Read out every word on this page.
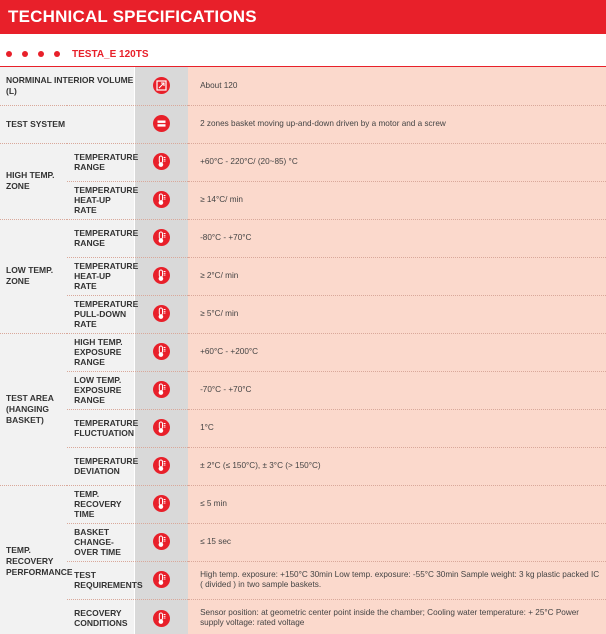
TECHNICAL SPECIFICATIONS
TESTA_E 120TS
NORMINAL INTERIOR VOLUME (L)			About 120
TEST SYSTEM			2 zones basket moving up-and-down driven by a motor and a screw
HIGH TEMP. ZONE	TEMPERATURE RANGE		+60°C - 220°C/ (20~85) °C
	TEMPERATURE HEAT-UP RATE		≥ 14°C/ min
LOW TEMP. ZONE	TEMPERATURE RANGE		-80°C - +70°C
	TEMPERATURE HEAT-UP RATE		≥ 2°C/ min
	TEMPERATURE PULL-DOWN RATE		≥ 5°C/ min
TEST AREA (HANGING BASKET)	HIGH TEMP. EXPOSURE RANGE		+60°C - +200°C
	LOW TEMP. EXPOSURE RANGE		-70°C - +70°C
	TEMPERATURE FLUCTUATION		1°C
	TEMPERATURE DEVIATION		± 2°C (≤ 150°C), ± 3°C (> 150°C)
TEMP. RECOVERY PERFORMANCE	TEMP. RECOVERY TIME		≤ 5 min
	BASKET CHANGE-OVER TIME		≤ 15 sec
	TEST REQUIREMENTS		High temp. exposure: +150°C 30min Low temp. exposure: -55°C 30min Sample weight: 3 kg plastic packed IC ( divided ) in two sample baskets.
	RECOVERY CONDITIONS		Sensor position: at geometric center point inside the chamber; Cooling water temperature: + 25°C Power supply voltage: rated voltage
